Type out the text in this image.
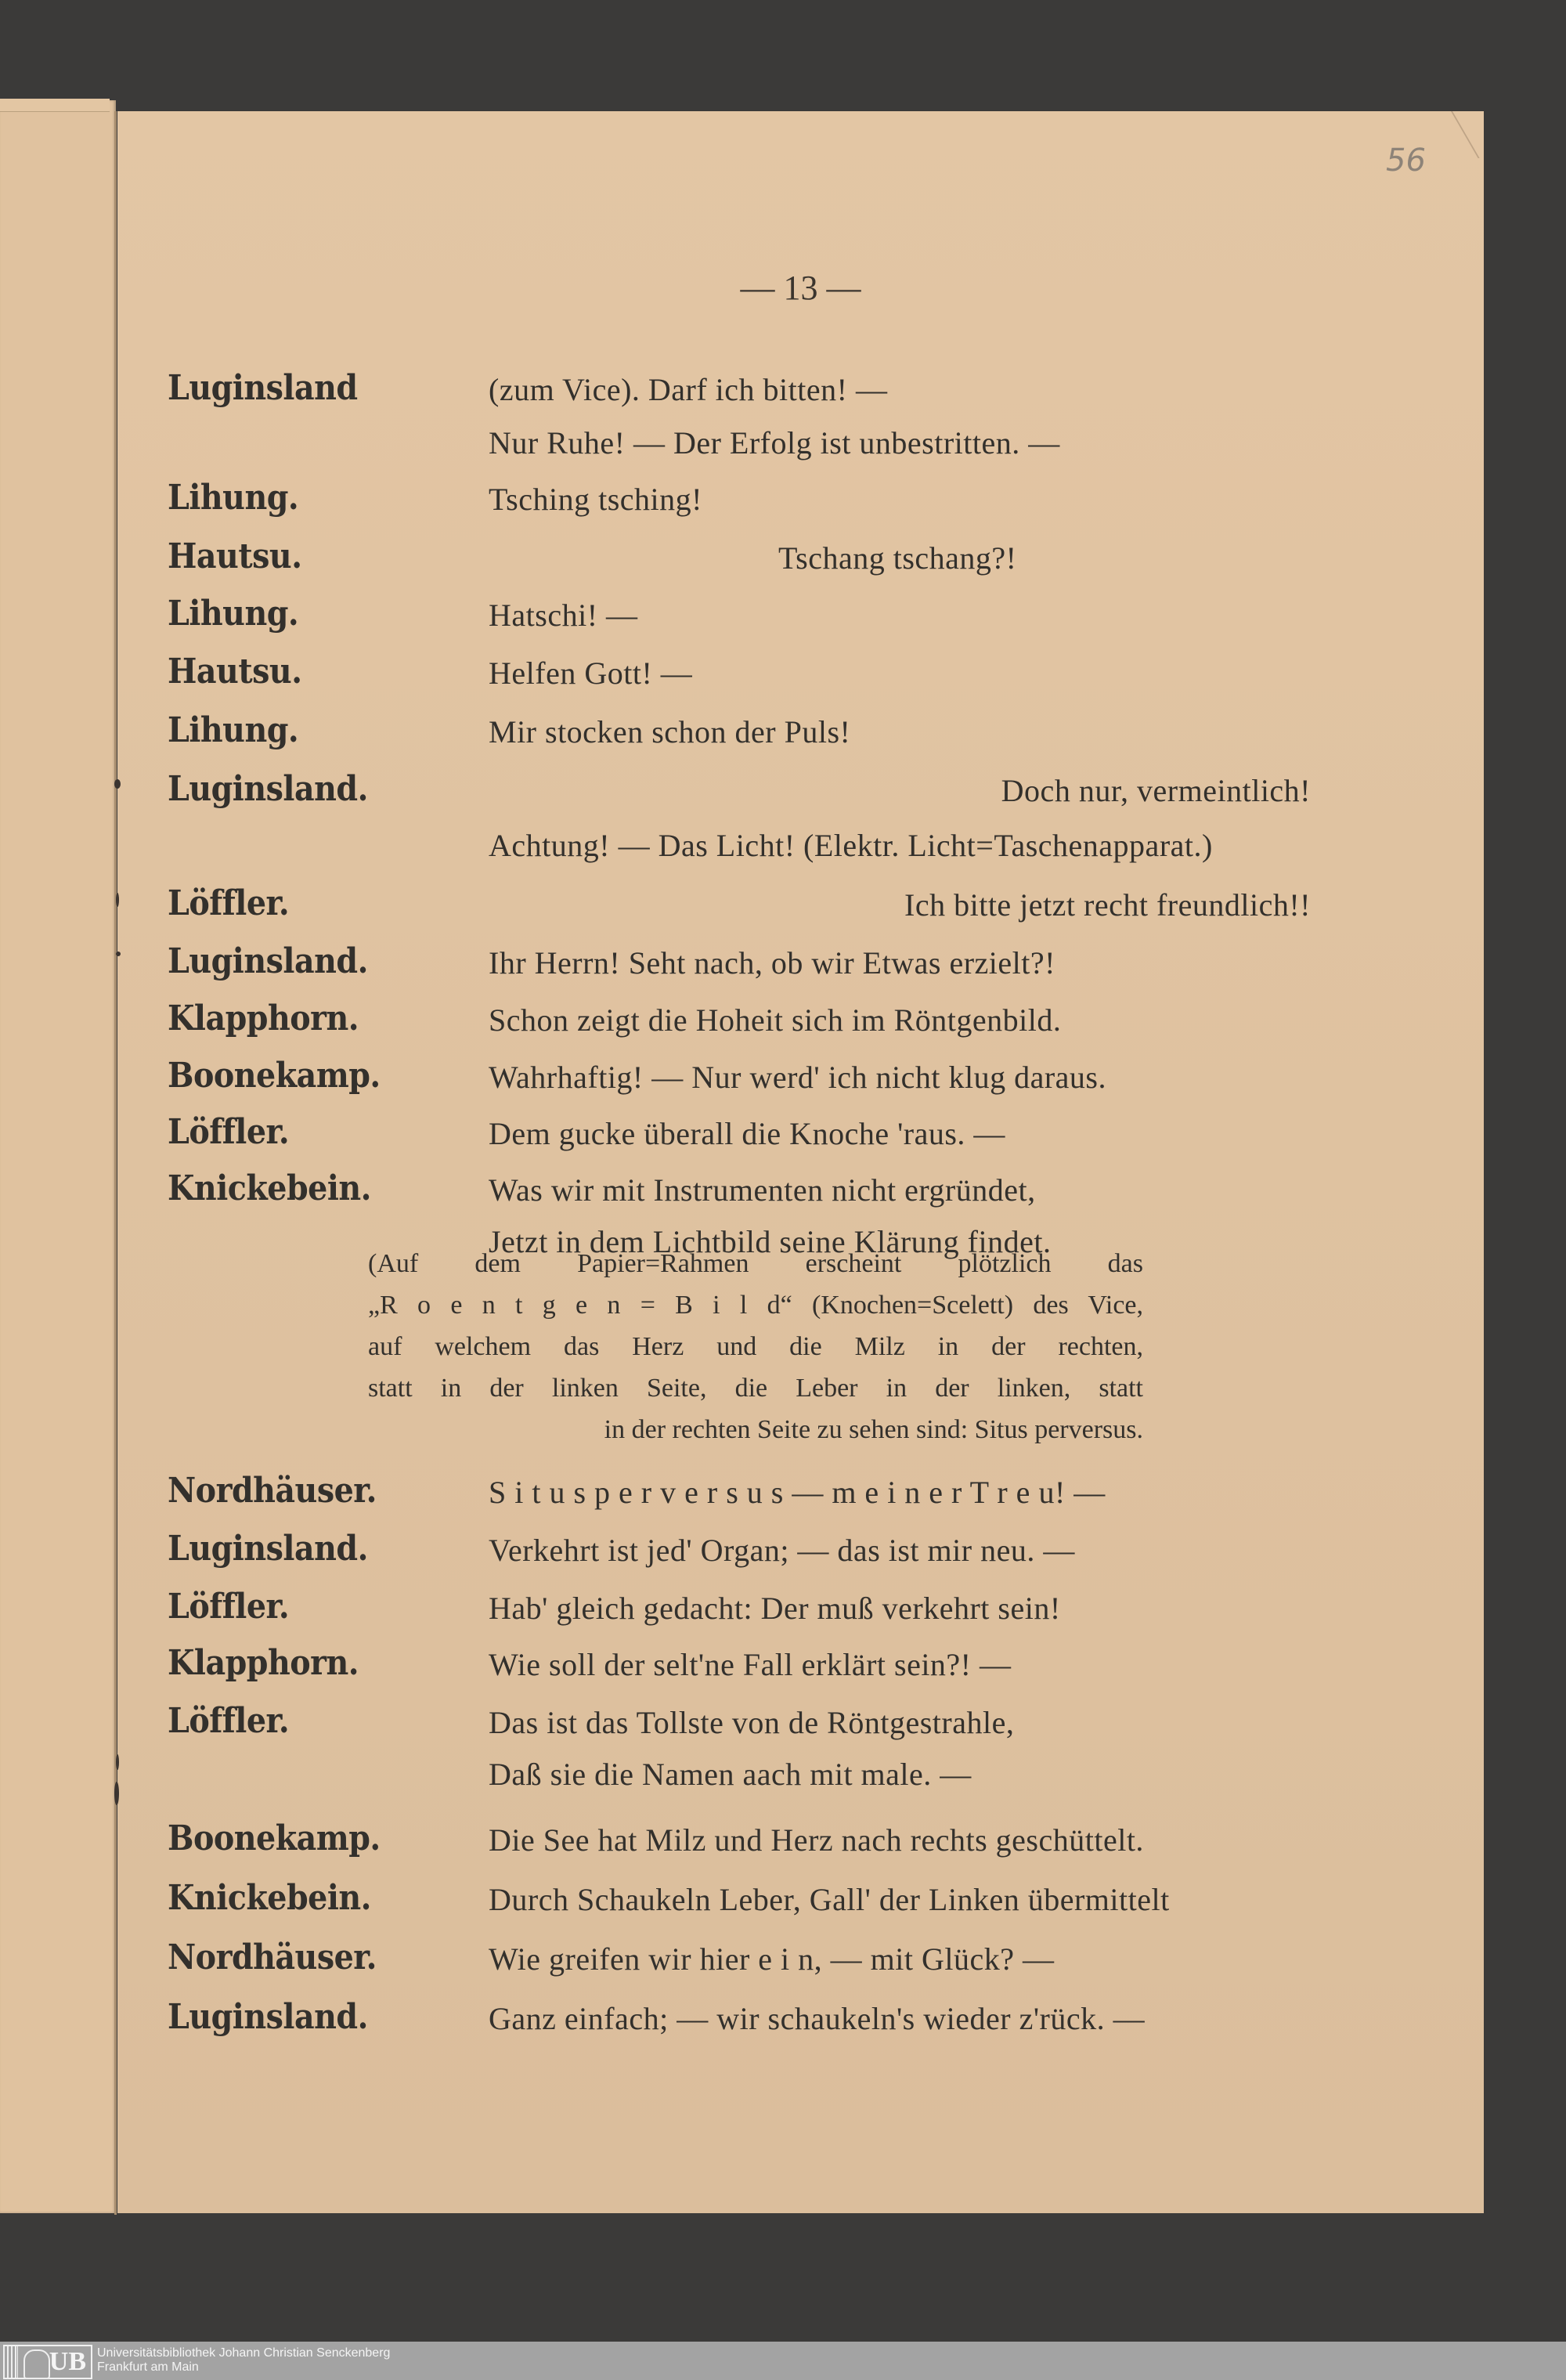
56
— 13 —
Luginsland	(zum Vice). Darf ich bitten! —
Nur Ruhe! — Der Erfolg ist unbestritten. —
Lihung.	Tsching tsching!
Hautsu.	Tschang tschang?!
Lihung.	Hatschi! —
Hautsu.	Helfen Gott! —
Lihung.	Mir stocken schon der Puls!
Luginsland.	Doch nur, vermeintlich!
Achtung! — Das Licht! (Elektr. Licht=Taschenapparat.)
Löffler.	Ich bitte jetzt recht freundlich!!
Luginsland.	Ihr Herrn! Seht nach, ob wir Etwas erzielt?!
Klapphorn.	Schon zeigt die Hoheit sich im Röntgenbild.
Boonekamp.	Wahrhaftig! — Nur werd' ich nicht klug daraus.
Löffler.	Dem gucke überall die Knoche 'raus. —
Knickebein.	Was wir mit Instrumenten nicht ergründet,
Jetzt in dem Lichtbild seine Klärung findet.
Nordhäuser.	S i t u s p e r v e r s u s — m e i n e r T r e u! —
Luginsland.	Verkehrt ist jed' Organ; — das ist mir neu. —
Löffler.	Hab' gleich gedacht: Der muß verkehrt sein!
Klapphorn.	Wie soll der selt'ne Fall erklärt sein?! —
Löffler.	Das ist das Tollste von de Röntgestrahle,
Daß sie die Namen aach mit male. —
Boonekamp.	Die See hat Milz und Herz nach rechts geschüttelt.
Knickebein.	Durch Schaukeln Leber, Gall' der Linken übermittelt
Nordhäuser.	Wie greifen wir hier e i n, — mit Glück? —
Luginsland.	Ganz einfach; — wir schaukeln's wieder z'rück. —
(Auf dem Papier=Rahmen erscheint plötzlich das
„R o e n t g e n = B i l d“ (Knochen=Scelett) des Vice,
auf welchem das Herz und die Milz in der rechten,
statt in der linken Seite, die Leber in der linken, statt
in der rechten Seite zu sehen sind: Situs perversus.
UB Universitätsbibliothek Johann Christian Senckenberg
Frankfurt am Main
